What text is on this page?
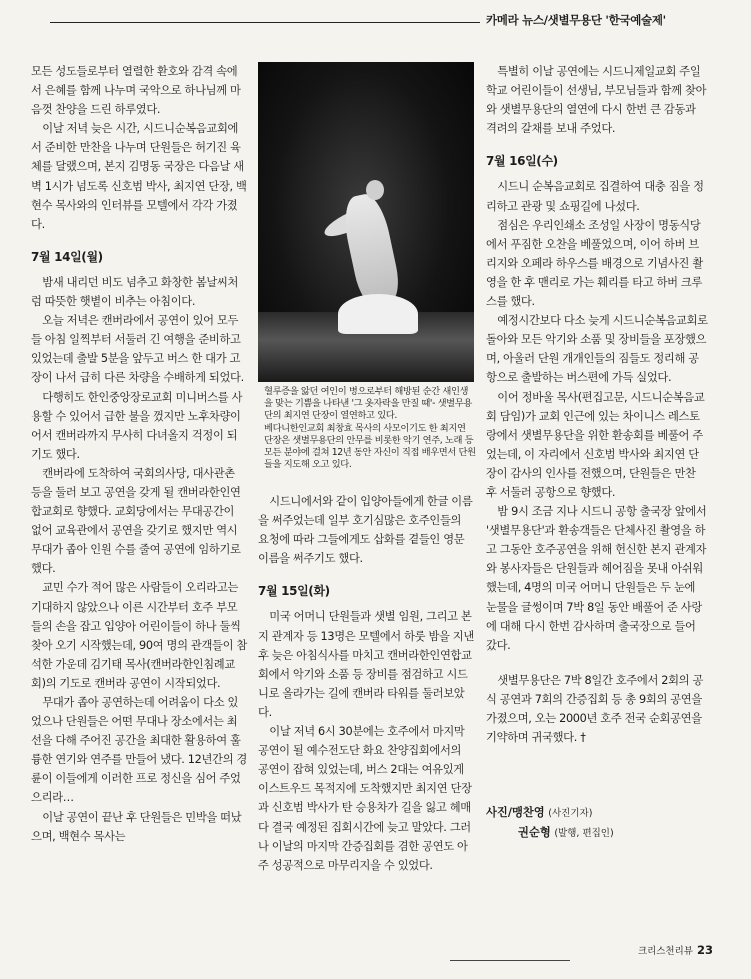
카메라 뉴스/샛별무용단 '한국예술제'

모든 성도들로부터 열렬한 환호와 감격 속에서 은혜를 함께 나누며 국악으로 하나님께 마음껏 찬양을 드린 하루였다.

이날 저녁 늦은 시간, 시드니순복음교회에서 준비한 만찬을 나누며 단원들은 허기진 육체를 달랬으며, 본지 김명동 국장은 다음날 새벽 1시가 넘도록 신호범 박사, 최지연 단장, 백현수 목사와의 인터뷰를 모텔에서 각각 가졌다.

7월 14일(월)

밤새 내리던 비도 넘추고 화창한 봄날씨처럼 따뜻한 햇볕이 비추는 아침이다.

오늘 저녁은 캔버라에서 공연이 있어 모두들 아침 일찍부터 서둘러 긴 여행을 준비하고 있었는데 출발 5분을 앞두고 버스 한 대가 고장이 나서 급히 다른 차량을 수배하게 되었다.

다행히도 한인중앙장로교회 미니버스를 사용할 수 있어서 급한 불을 껐지만 노후차량이어서 캔버라까지 무사히 다녀올지 걱정이 되기도 했다.

캔버라에 도착하여 국회의사당, 대사관촌 등을 둘러 보고 공연을 갖게 될 캔버라한인연합교회로 향했다. 교회당에서는 무대공간이 없어 교육관에서 공연을 갖기로 했지만 역시 무대가 좁아 인원 수를 줄여 공연에 임하기로 했다.

교민 수가 적어 많은 사람들이 오리라고는 기대하지 않았으나 이른 시간부터 호주 부모들의 손을 잡고 입양아 어린이들이 하나 둘씩 찾아 오기 시작했는데, 90여 명의 관객들이 참석한 가운데 김기태 목사(캔버라한인침례교회)의 기도로 캔버라 공연이 시작되었다.

무대가 좁아 공연하는데 어려움이 다소 있었으나 단원들은 어떤 무대나 장소에서는 최선을 다해 주어진 공간을 최대한 활용하여 훌륭한 연기와 연주를 만들어 냈다. 12년간의 경륜이 이들에게 이러한 프로 정신을 심어 주었으리라…

이날 공연이 끝난 후 단원들은 민박을 떠났으며, 백현수 목사는

혈루증을 앓던 여인이 병으로부터 해방된 순간 새인생을 맞는 기쁨을 나타낸 '그 옷자락을 만질 때'- 샛별무용단의 최지연 단장이 열연하고 있다.

베다니한인교회 최창효 목사의 사모이기도 한 최지연 단장은 샛별무용단의 안무를 비롯한 악기 연주, 노래 등 모든 분야에 걸쳐 12년 동안 자신이 직접 배우면서 단원들을 지도해 오고 있다.

시드니에서와 같이 입양아들에게 한글 이름을 써주었는데 일부 호기심많은 호주인들의 요청에 따라 그들에게도 삽화를 곁들인 영문이름을 써주기도 했다.

7월 15일(화)

미국 어머니 단원들과 샛별 임원, 그리고 본지 관계자 등 13명은 모텔에서 하룻 밤을 지낸 후 늦은 아침식사를 마치고 캔버라한인연합교회에서 악기와 소품 등 장비를 점검하고 시드니로 올라가는 길에 캔버라 타워를 둘러보았다.

이날 저녁 6시 30분에는 호주에서 마지막 공연이 될 예수전도단 화요 찬양집회에서의 공연이 잡혀 있었는데, 버스 2대는 여유있게 이스트우드 목적지에 도착했지만 최지연 단장과 신호범 박사가 탄 승용차가 길을 잃고 헤매다 결국 예정된 집회시간에 늦고 말았다. 그러나 이날의 마지막 간증집회를 겸한 공연도 아주 성공적으로 마무리지을 수 있었다.

특별히 이날 공연에는 시드니제일교회 주일학교 어린이들이 선생님, 부모님들과 함께 찾아와 샛별무용단의 열연에 다시 한번 큰 감동과 격려의 갈채를 보내 주었다.

7월 16일(수)

시드니 순복음교회로 집결하여 대충 짐을 정리하고 관광 및 쇼핑길에 나섰다.

점심은 우리인쇄소 조성일 사장이 명동식당에서 푸짐한 오찬을 베풀었으며, 이어 하버 브리지와 오페라 하우스를 배경으로 기념사진 촬영을 한 후 맨리로 가는 훼리를 타고 하버 크루스를 했다.

예정시간보다 다소 늦게 시드니순복음교회로 돌아와 모든 악기와 소품 및 장비들을 포장했으며, 아울러 단원 개개인들의 짐들도 정리해 공항으로 출발하는 버스편에 가득 실었다.

이어 정바울 목사(편집고문, 시드니순복음교회 담임)가 교회 인근에 있는 차이니스 레스토랑에서 샛별무용단을 위한 환송회를 베풀어 주었는데, 이 자리에서 신호범 박사와 최지연 단장이 감사의 인사를 전했으며, 단원들은 만찬 후 서둘러 공항으로 향했다.

밤 9시 조금 지나 시드니 공항 출국장 앞에서 '샛별무용단'과 환송객들은 단체사진 촬영을 하고 그동안 호주공연을 위해 헌신한 본지 관계자와 봉사자들은 단원들과 헤어짐을 못내 아쉬워했는데, 4명의 미국 어머니 단원들은 두 눈에 눈물을 글썽이며 7박 8일 동안 배풀어 준 사랑에 대해 다시 한번 감사하며 출국장으로 들어 갔다.

샛별무용단은 7박 8일간 호주에서 2회의 공식 공연과 7회의 간증집회 등 총 9회의 공연을 가졌으며, 오는 2000년 호주 전국 순회공연을 기약하며 귀국했다. †

사진/맹찬영 (사진기자)
권순형 (발행, 편집인)
크리스천리뷰 23
